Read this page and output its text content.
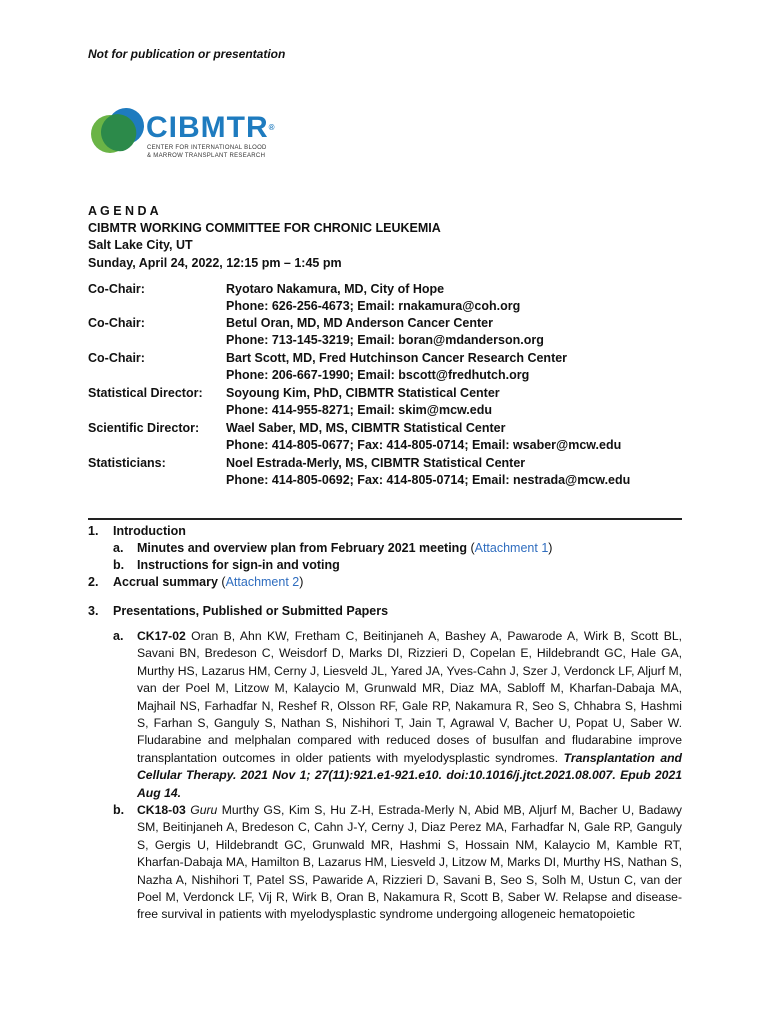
Not for publication or presentation
CIBMTR®
CENTER FOR INTERNATIONAL BLOOD
& MARROW TRANSPLANT RESEARCH
A G E N D A
CIBMTR WORKING COMMITTEE FOR CHRONIC LEUKEMIA
Salt Lake City, UT
Sunday, April 24, 2022, 12:15 pm – 1:45 pm
Co-Chair:	Ryotaro Nakamura, MD, City of Hope
Phone: 626-256-4673; Email: rnakamura@coh.org
Co-Chair:	Betul Oran, MD, MD Anderson Cancer Center
Phone: 713-145-3219; Email: boran@mdanderson.org
Co-Chair:	Bart Scott, MD, Fred Hutchinson Cancer Research Center
Phone: 206-667-1990; Email: bscott@fredhutch.org
Statistical Director: Soyoung Kim, PhD, CIBMTR Statistical Center
Phone: 414-955-8271; Email: skim@mcw.edu
Scientific Director: Wael Saber, MD, MS, CIBMTR Statistical Center
Phone: 414-805-0677; Fax: 414-805-0714; Email: wsaber@mcw.edu
Statisticians:	Noel Estrada-Merly, MS, CIBMTR Statistical Center
Phone: 414-805-0692; Fax: 414-805-0714; Email: nestrada@mcw.edu
1. Introduction
a. Minutes and overview plan from February 2021 meeting (Attachment 1)
b. Instructions for sign-in and voting
2. Accrual summary (Attachment 2)
3. Presentations, Published or Submitted Papers
a. CK17-02 Oran B, Ahn KW, Fretham C, Beitinjaneh A, Bashey A, Pawarode A, Wirk B, Scott BL, Savani BN, Bredeson C, Weisdorf D, Marks DI, Rizzieri D, Copelan E, Hildebrandt GC, Hale GA, Murthy HS, Lazarus HM, Cerny J, Liesveld JL, Yared JA, Yves-Cahn J, Szer J, Verdonck LF, Aljurf M, van der Poel M, Litzow M, Kalaycio M, Grunwald MR, Diaz MA, Sabloff M, Kharfan-Dabaja MA, Majhail NS, Farhadfar N, Reshef R, Olsson RF, Gale RP, Nakamura R, Seo S, Chhabra S, Hashmi S, Farhan S, Ganguly S, Nathan S, Nishihori T, Jain T, Agrawal V, Bacher U, Popat U, Saber W. Fludarabine and melphalan compared with reduced doses of busulfan and fludarabine improve transplantation outcomes in older patients with myelodysplastic syndromes. Transplantation and Cellular Therapy. 2021 Nov 1; 27(11):921.e1-921.e10. doi:10.1016/j.jtct.2021.08.007. Epub 2021 Aug 14.
b. CK18-03 Guru Murthy GS, Kim S, Hu Z-H, Estrada-Merly N, Abid MB, Aljurf M, Bacher U, Badawy SM, Beitinjaneh A, Bredeson C, Cahn J-Y, Cerny J, Diaz Perez MA, Farhadfar N, Gale RP, Ganguly S, Gergis U, Hildebrandt GC, Grunwald MR, Hashmi S, Hossain NM, Kalaycio M, Kamble RT, Kharfan-Dabaja MA, Hamilton B, Lazarus HM, Liesveld J, Litzow M, Marks DI, Murthy HS, Nathan S, Nazha A, Nishihori T, Patel SS, Pawaride A, Rizzieri D, Savani B, Seo S, Solh M, Ustun C, van der Poel M, Verdonck LF, Vij R, Wirk B, Oran B, Nakamura R, Scott B, Saber W. Relapse and disease-free survival in patients with myelodysplastic syndrome undergoing allogeneic hematopoietic
